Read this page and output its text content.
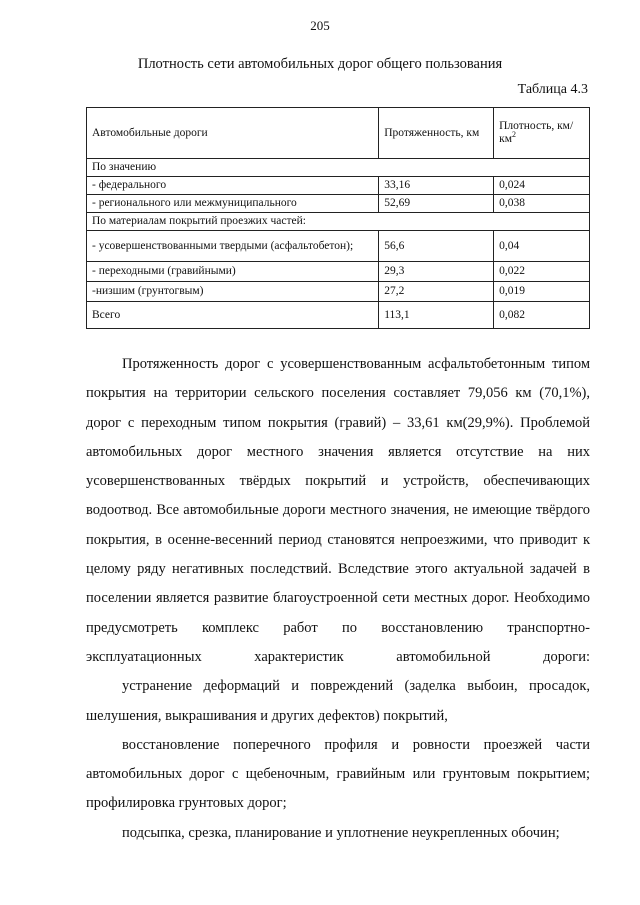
205
Плотность сети автомобильных дорог общего пользования
Таблица 4.3
Автомобильные дороги	Протяженность, км	Плотность, $км/км^2$
По значению		
- федерального	33,16	0,024
- регионального или межмуниципального	52,69	0,038
По материалам покрытий проезжих частей:		
- усовершенствованными твердыми (асфальтобетон);	56,6	0,04
- переходными (гравийными)	29,3	0,022
-низшим (грунтогвым)	27,2	0,019
Всего	113,1	0,082

Протяженность дорог с усовершенствованным асфальтобетонным типом покрытия на территории сельского поселения составляет 79,056 км (70,1%), дорог с переходным типом покрытия (гравий) – 33,61 км(29,9%). Проблемой автомобильных дорог местного значения является отсутствие на них усовершенствованных твёрдых покрытий и устройств, обеспечивающих водоотвод. Все автомобильные дороги местного значения, не имеющие твёрдого покрытия, в осенне-весенний период становятся непроезжими, что приводит к целому ряду негативных последствий. Вследствие этого актуальной задачей в поселении является развитие благоустроенной сети местных дорог. Необходимо предусмотреть комплекс работ по восстановлению транспортно-эксплуатационных характеристик автомобильной дороги:

устранение деформаций и повреждений (заделка выбоин, просадок, шелушения, выкрашивания и других дефектов) покрытий,

восстановление поперечного профиля и ровности проезжей части автомобильных дорог с щебеночным, гравийным или грунтовым покрытием; профилировка грунтовых дорог;

подсыпка, срезка, планирование и уплотнение неукрепленных обочин;
